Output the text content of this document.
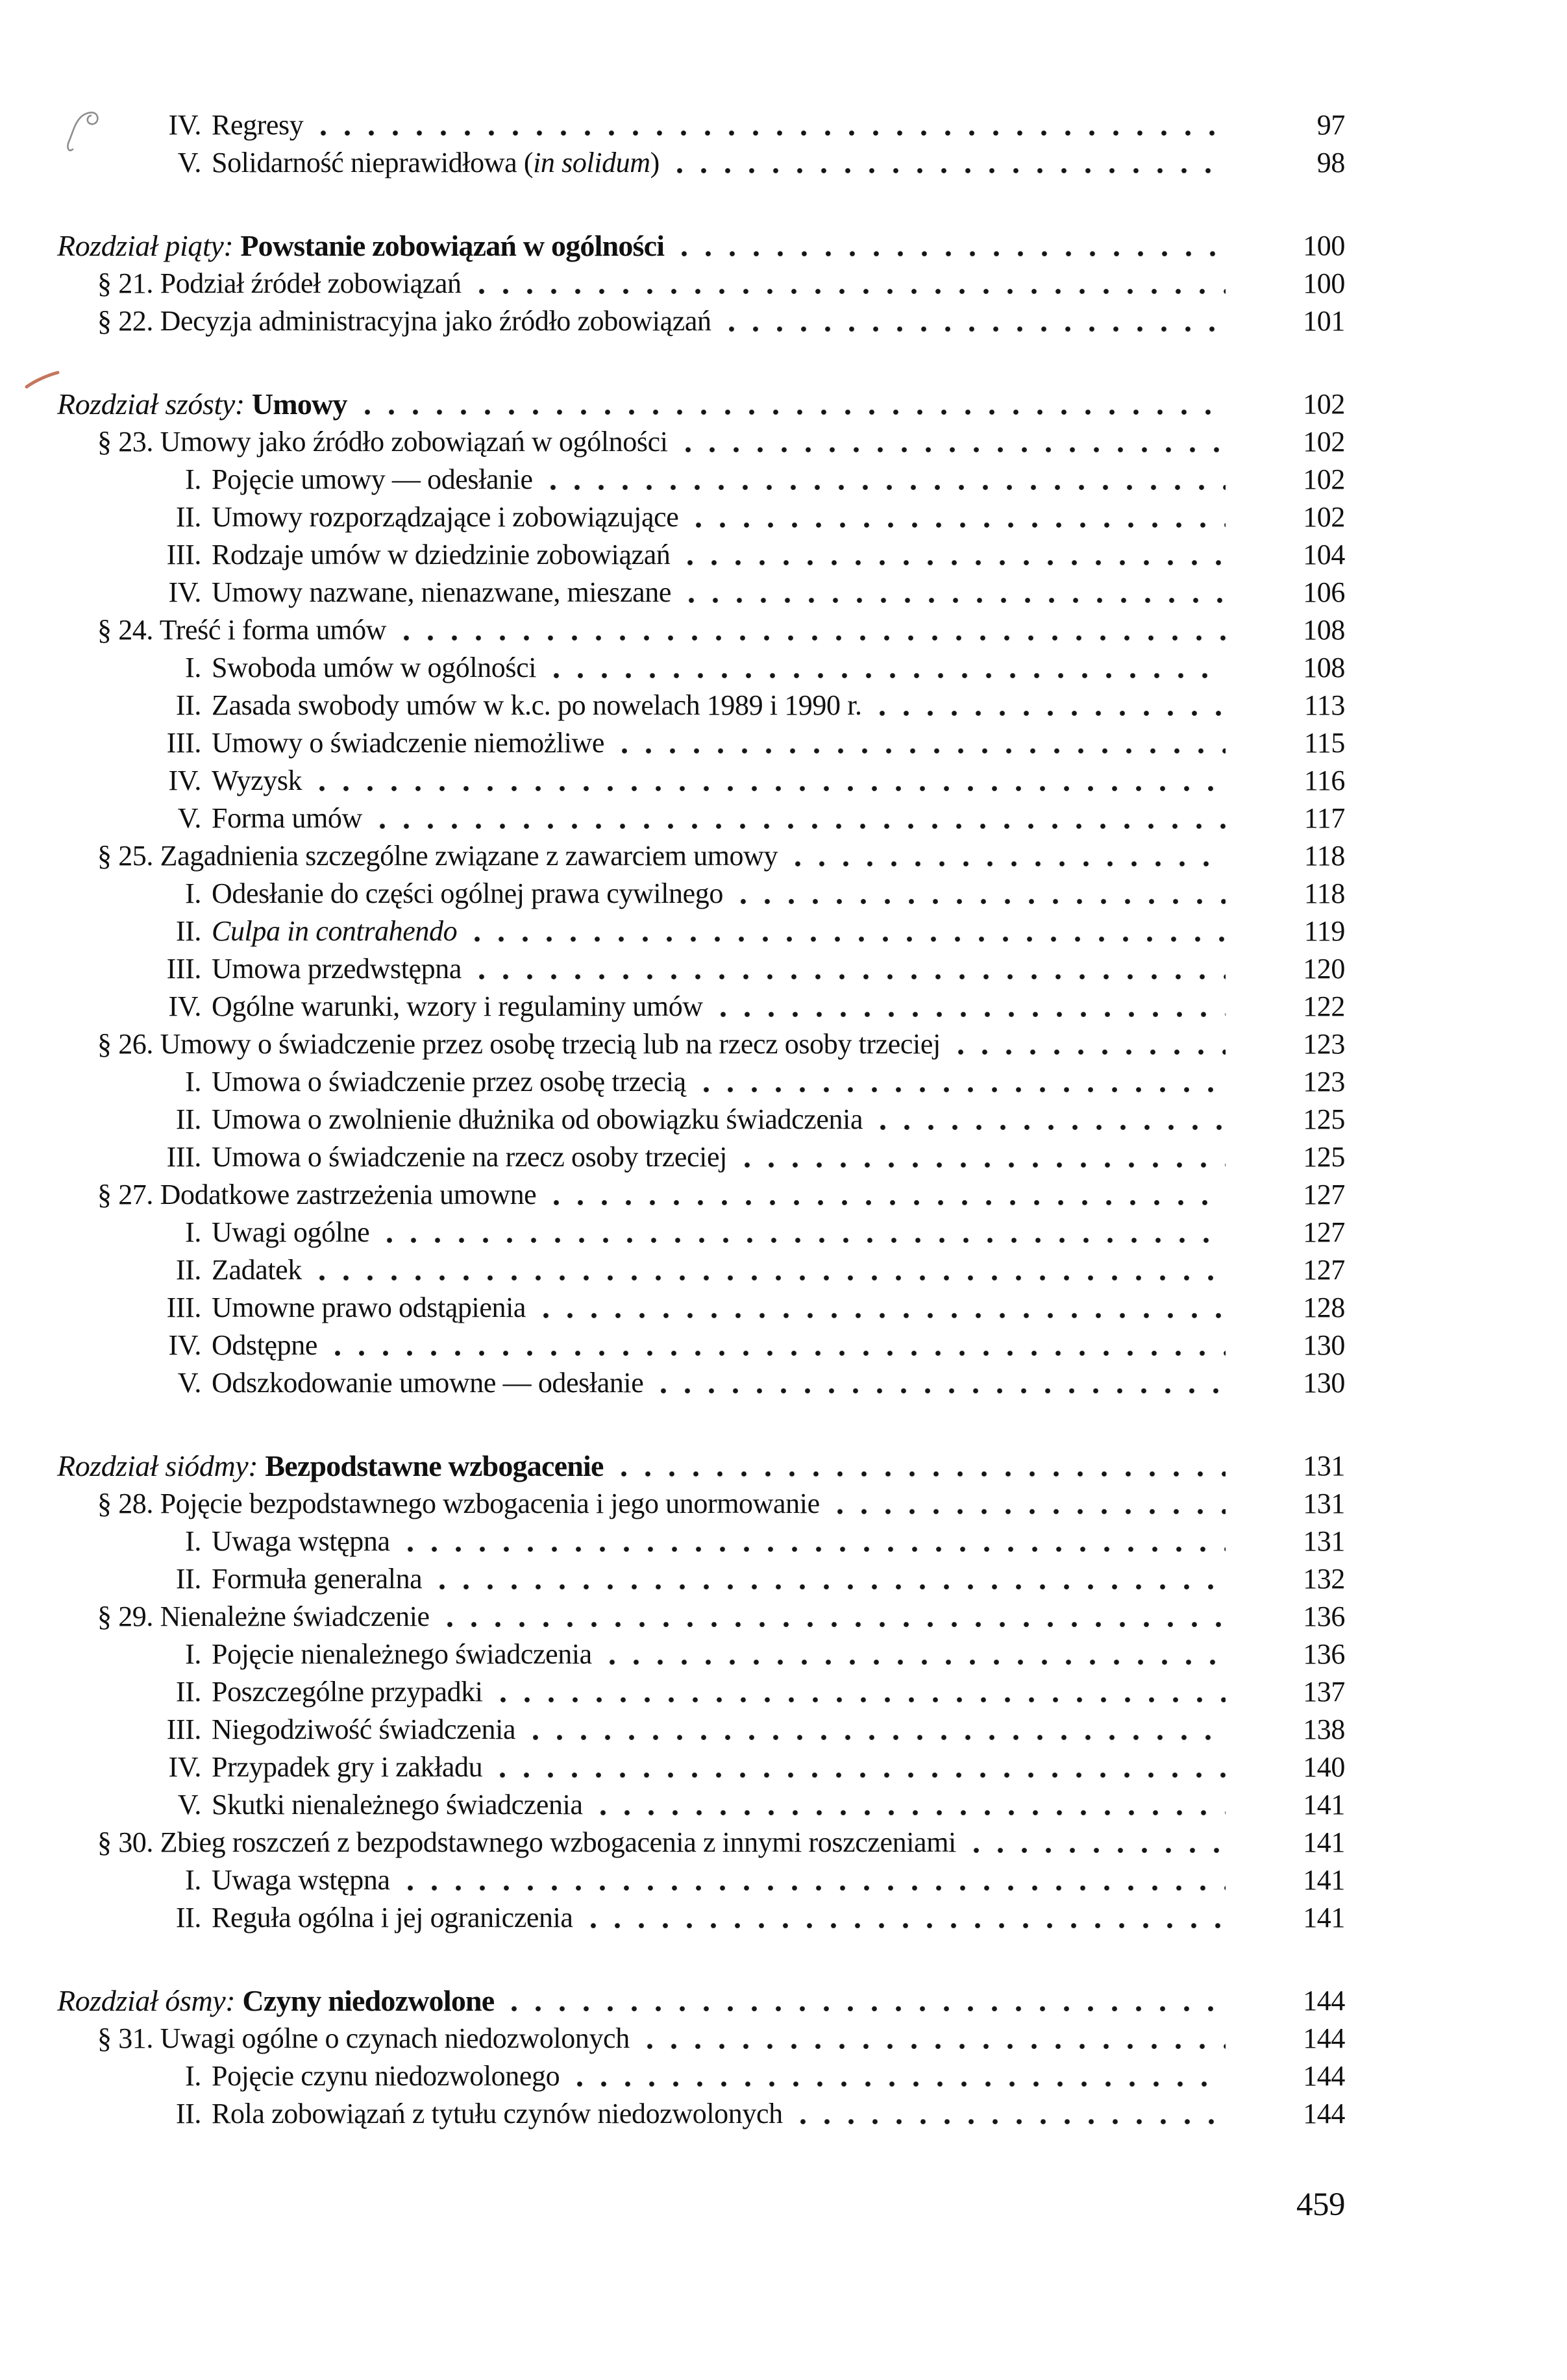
IV. Regresy	97
V. Solidarność nieprawidłowa (in solidum)	98
Rozdział piąty: Powstanie zobowiązań w ogólności	100
§ 21. Podział źródeł zobowiązań	100
§ 22. Decyzja administracyjna jako źródło zobowiązań	101
Rozdział szósty: Umowy	102
§ 23. Umowy jako źródło zobowiązań w ogólności	102
I. Pojęcie umowy — odesłanie	102
II. Umowy rozporządzające i zobowiązujące	102
III. Rodzaje umów w dziedzinie zobowiązań	104
IV. Umowy nazwane, nienazwane, mieszane	106
§ 24. Treść i forma umów	108
I. Swoboda umów w ogólności	108
II. Zasada swobody umów w k.c. po nowelach 1989 i 1990 r.	113
III. Umowy o świadczenie niemożliwe	115
IV. Wyzysk	116
V. Forma umów	117
§ 25. Zagadnienia szczególne związane z zawarciem umowy	118
I. Odesłanie do części ogólnej prawa cywilnego	118
II. Culpa in contrahendo	119
III. Umowa przedwstępna	120
IV. Ogólne warunki, wzory i regulaminy umów	122
§ 26. Umowy o świadczenie przez osobę trzecią lub na rzecz osoby trzeciej	123
I. Umowa o świadczenie przez osobę trzecią	123
II. Umowa o zwolnienie dłużnika od obowiązku świadczenia	125
III. Umowa o świadczenie na rzecz osoby trzeciej	125
§ 27. Dodatkowe zastrzeżenia umowne	127
I. Uwagi ogólne	127
II. Zadatek	127
III. Umowne prawo odstąpienia	128
IV. Odstępne	130
V. Odszkodowanie umowne — odesłanie	130
Rozdział siódmy: Bezpodstawne wzbogacenie	131
§ 28. Pojęcie bezpodstawnego wzbogacenia i jego unormowanie	131
I. Uwaga wstępna	131
II. Formuła generalna	132
§ 29. Nienależne świadczenie	136
I. Pojęcie nienależnego świadczenia	136
II. Poszczególne przypadki	137
III. Niegodziwość świadczenia	138
IV. Przypadek gry i zakładu	140
V. Skutki nienależnego świadczenia	141
§ 30. Zbieg roszczeń z bezpodstawnego wzbogacenia z innymi roszczeniami	141
I. Uwaga wstępna	141
II. Reguła ogólna i jej ograniczenia	141
Rozdział ósmy: Czyny niedozwolone	144
§ 31. Uwagi ogólne o czynach niedozwolonych	144
I. Pojęcie czynu niedozwolonego	144
II. Rola zobowiązań z tytułu czynów niedozwolonych	144
459
